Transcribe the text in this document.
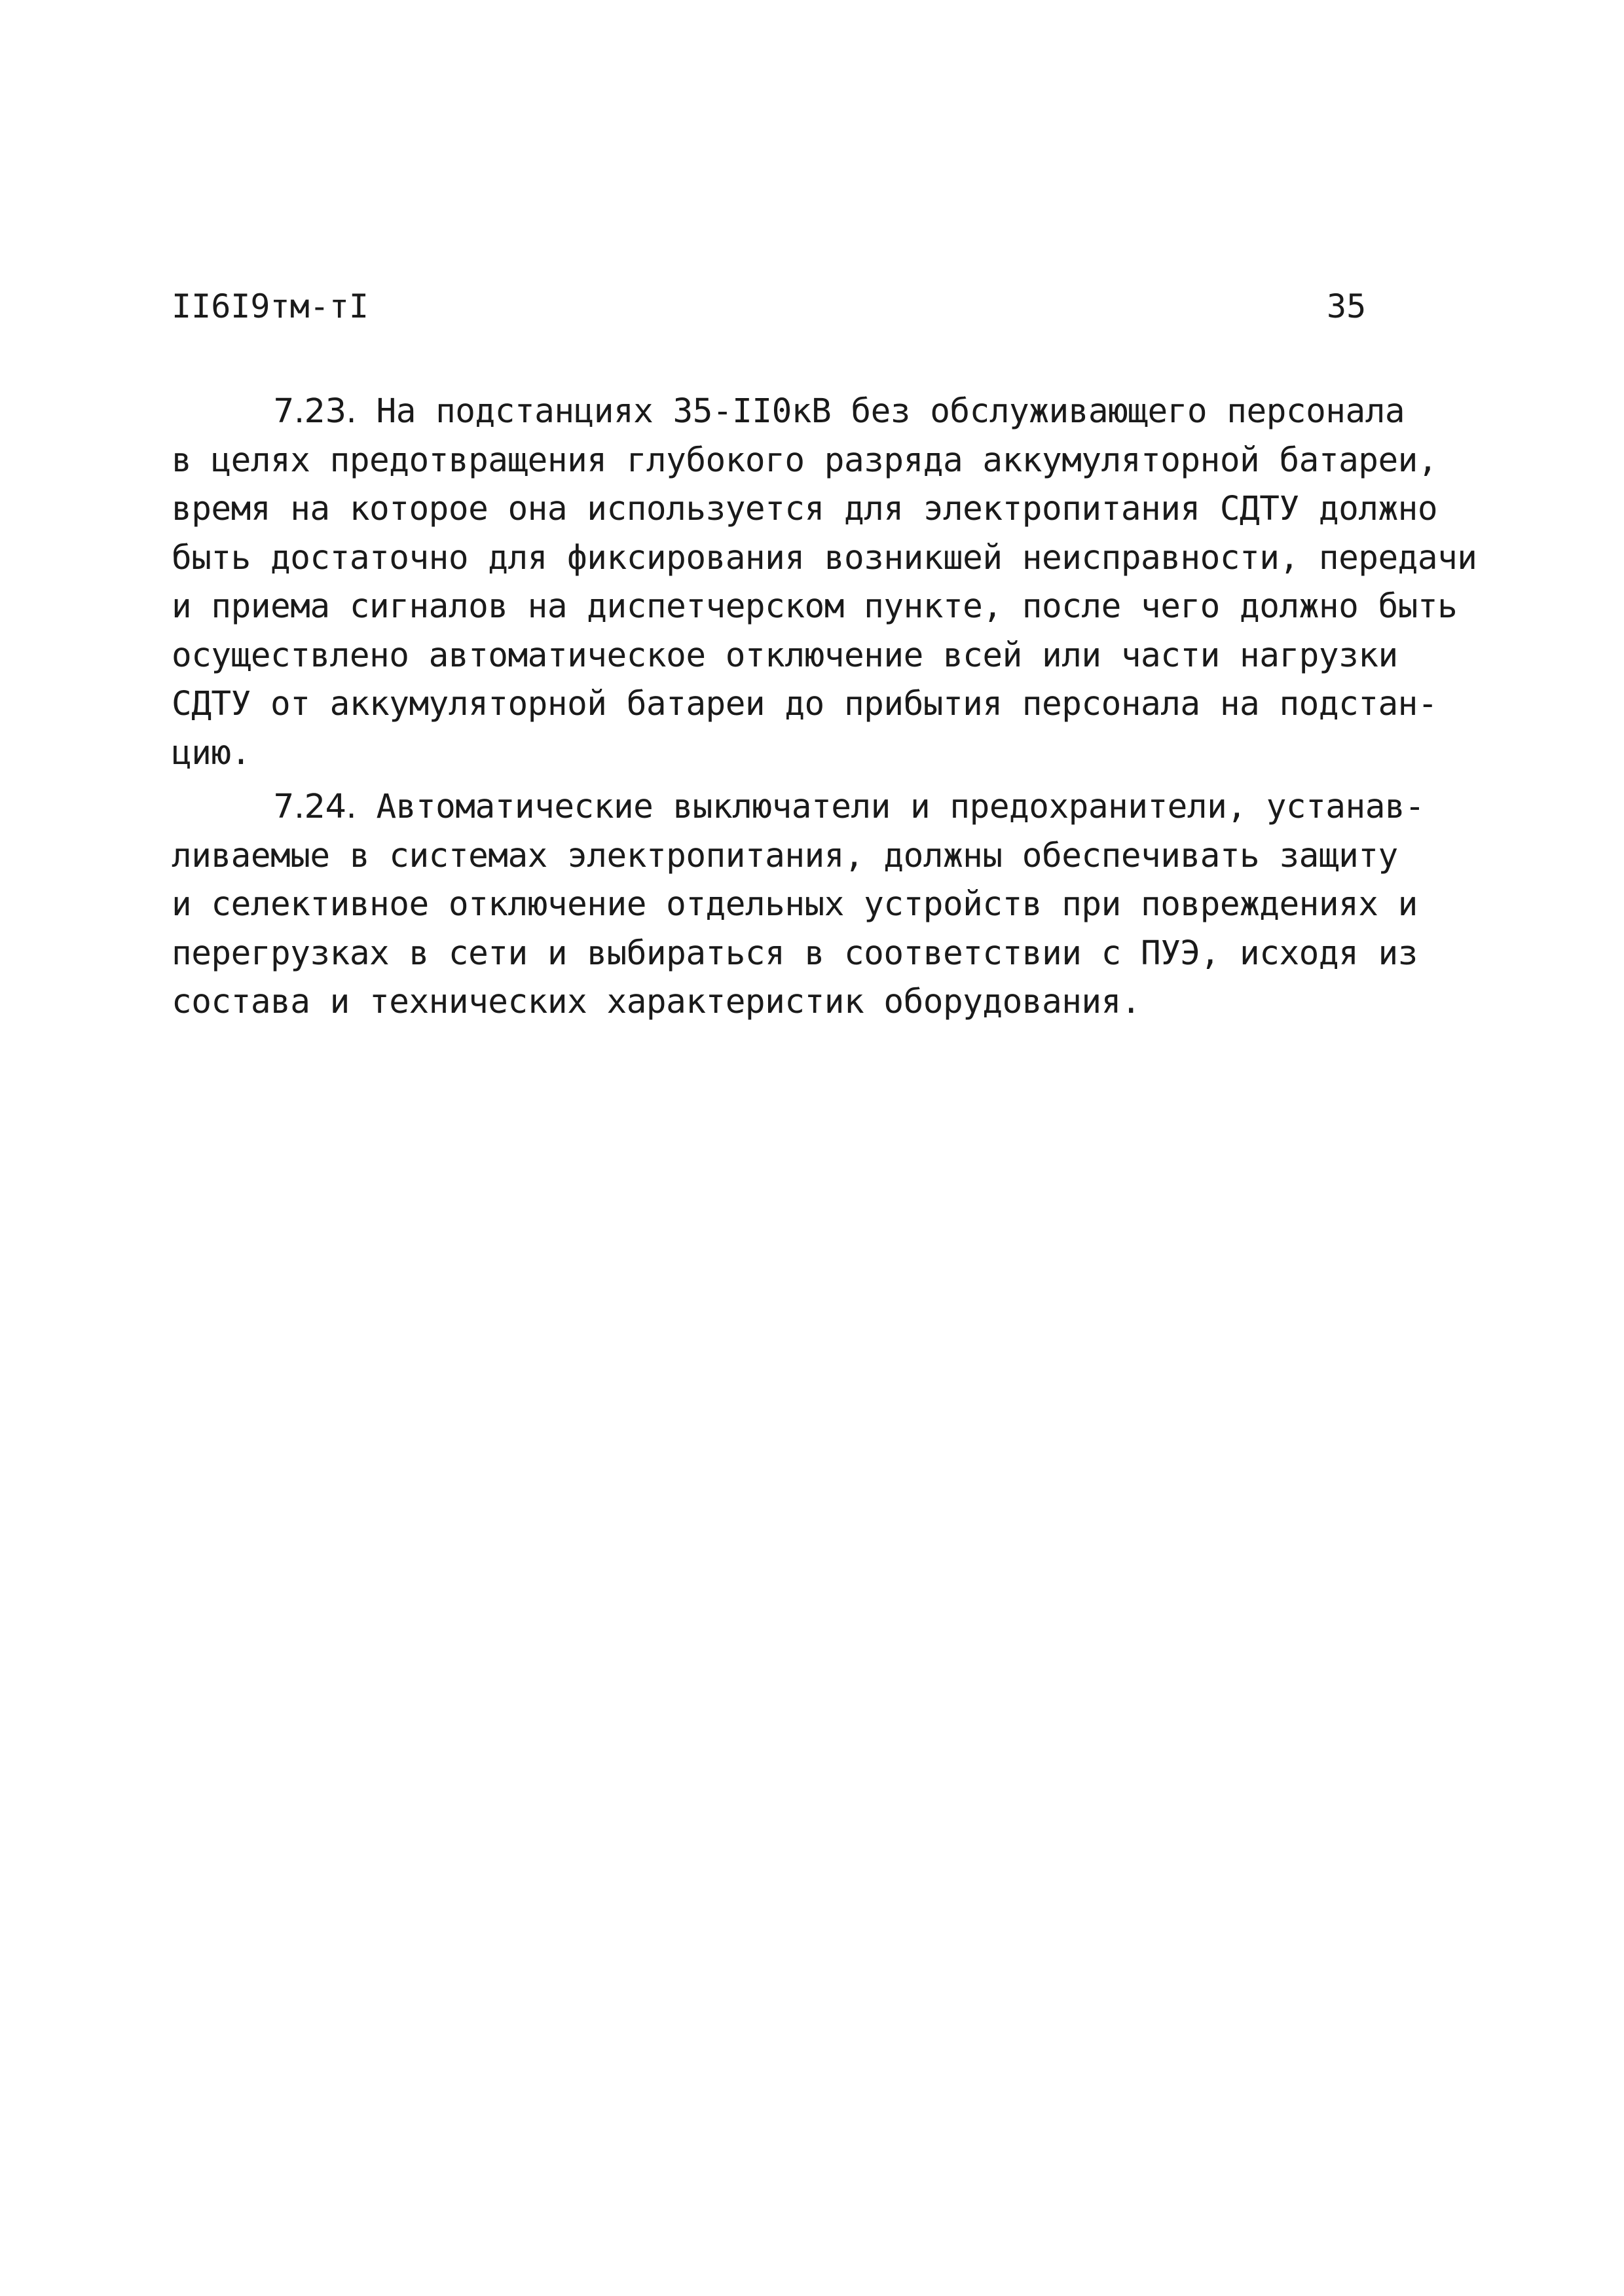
II6I9тм-тI	35
7.23. На подстанциях 35-ІІ0кВ без обслуживающего персонала
в целях предотвращения глубокого разряда аккумуляторной батареи,
время на которое она используется для электропитания СДТУ должно
быть достаточно для фиксирования возникшей неисправности, передачи
и приема сигналов на диспетчерском пункте, после чего должно быть
осуществлено автоматическое отключение всей или части нагрузки
СДТУ от аккумуляторной батареи до прибытия персонала на подстан-
цию.
7.24. Автоматические выключатели и предохранители, устанав-
ливаемые в системах электропитания, должны обеспечивать защиту
и селективное отключение отдельных устройств при повреждениях и
перегрузках в сети и выбираться в соответствии с ПУЭ, исходя из
состава и технических характеристик оборудования.
